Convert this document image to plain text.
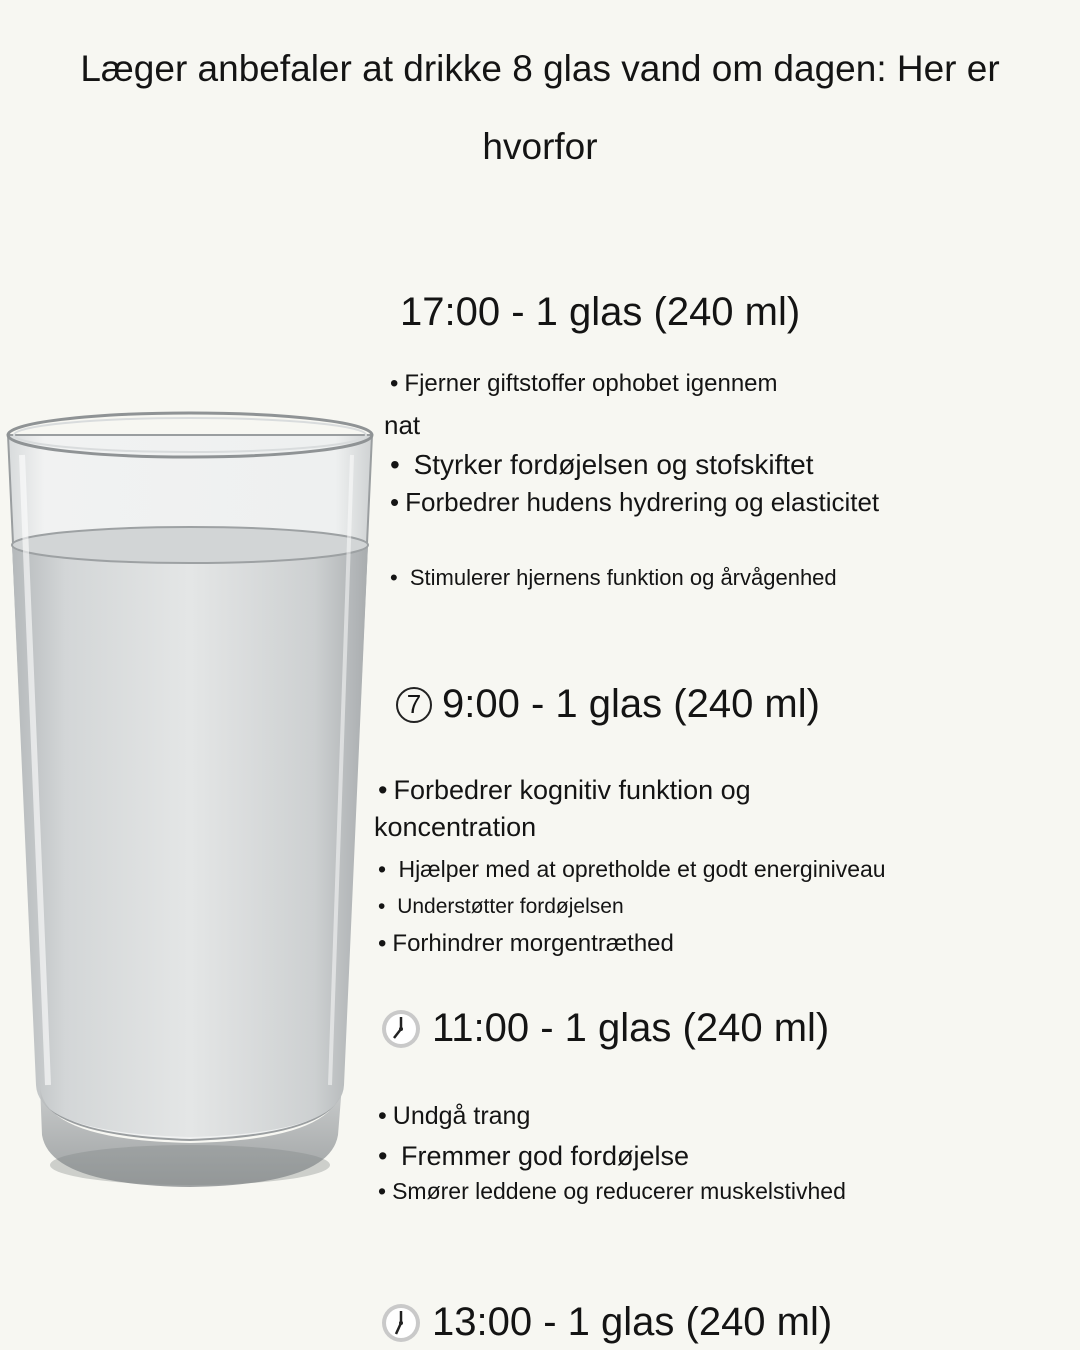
Læger anbefaler at drikke 8 glas vand om dagen: Her er hvorfor
17:00 - 1 glas (240 ml)
• Fjerner giftstoffer ophobet igennem
nat
• Styrker fordøjelsen og stofskiftet
• Forbedrer hudens hydrering og elasticitet
• Stimulerer hjernens funktion og årvågenhed
7 9:00 - 1 glas (240 ml)
• Forbedrer kognitiv funktion og
koncentration
• Hjælper med at opretholde et godt energiniveau
• Understøtter fordøjelsen
• Forhindrer morgentræthed
11:00 - 1 glas (240 ml)
• Undgå trang
• Fremmer god fordøjelse
• Smører leddene og reducerer muskelstivhed
13:00 - 1 glas (240 ml)
